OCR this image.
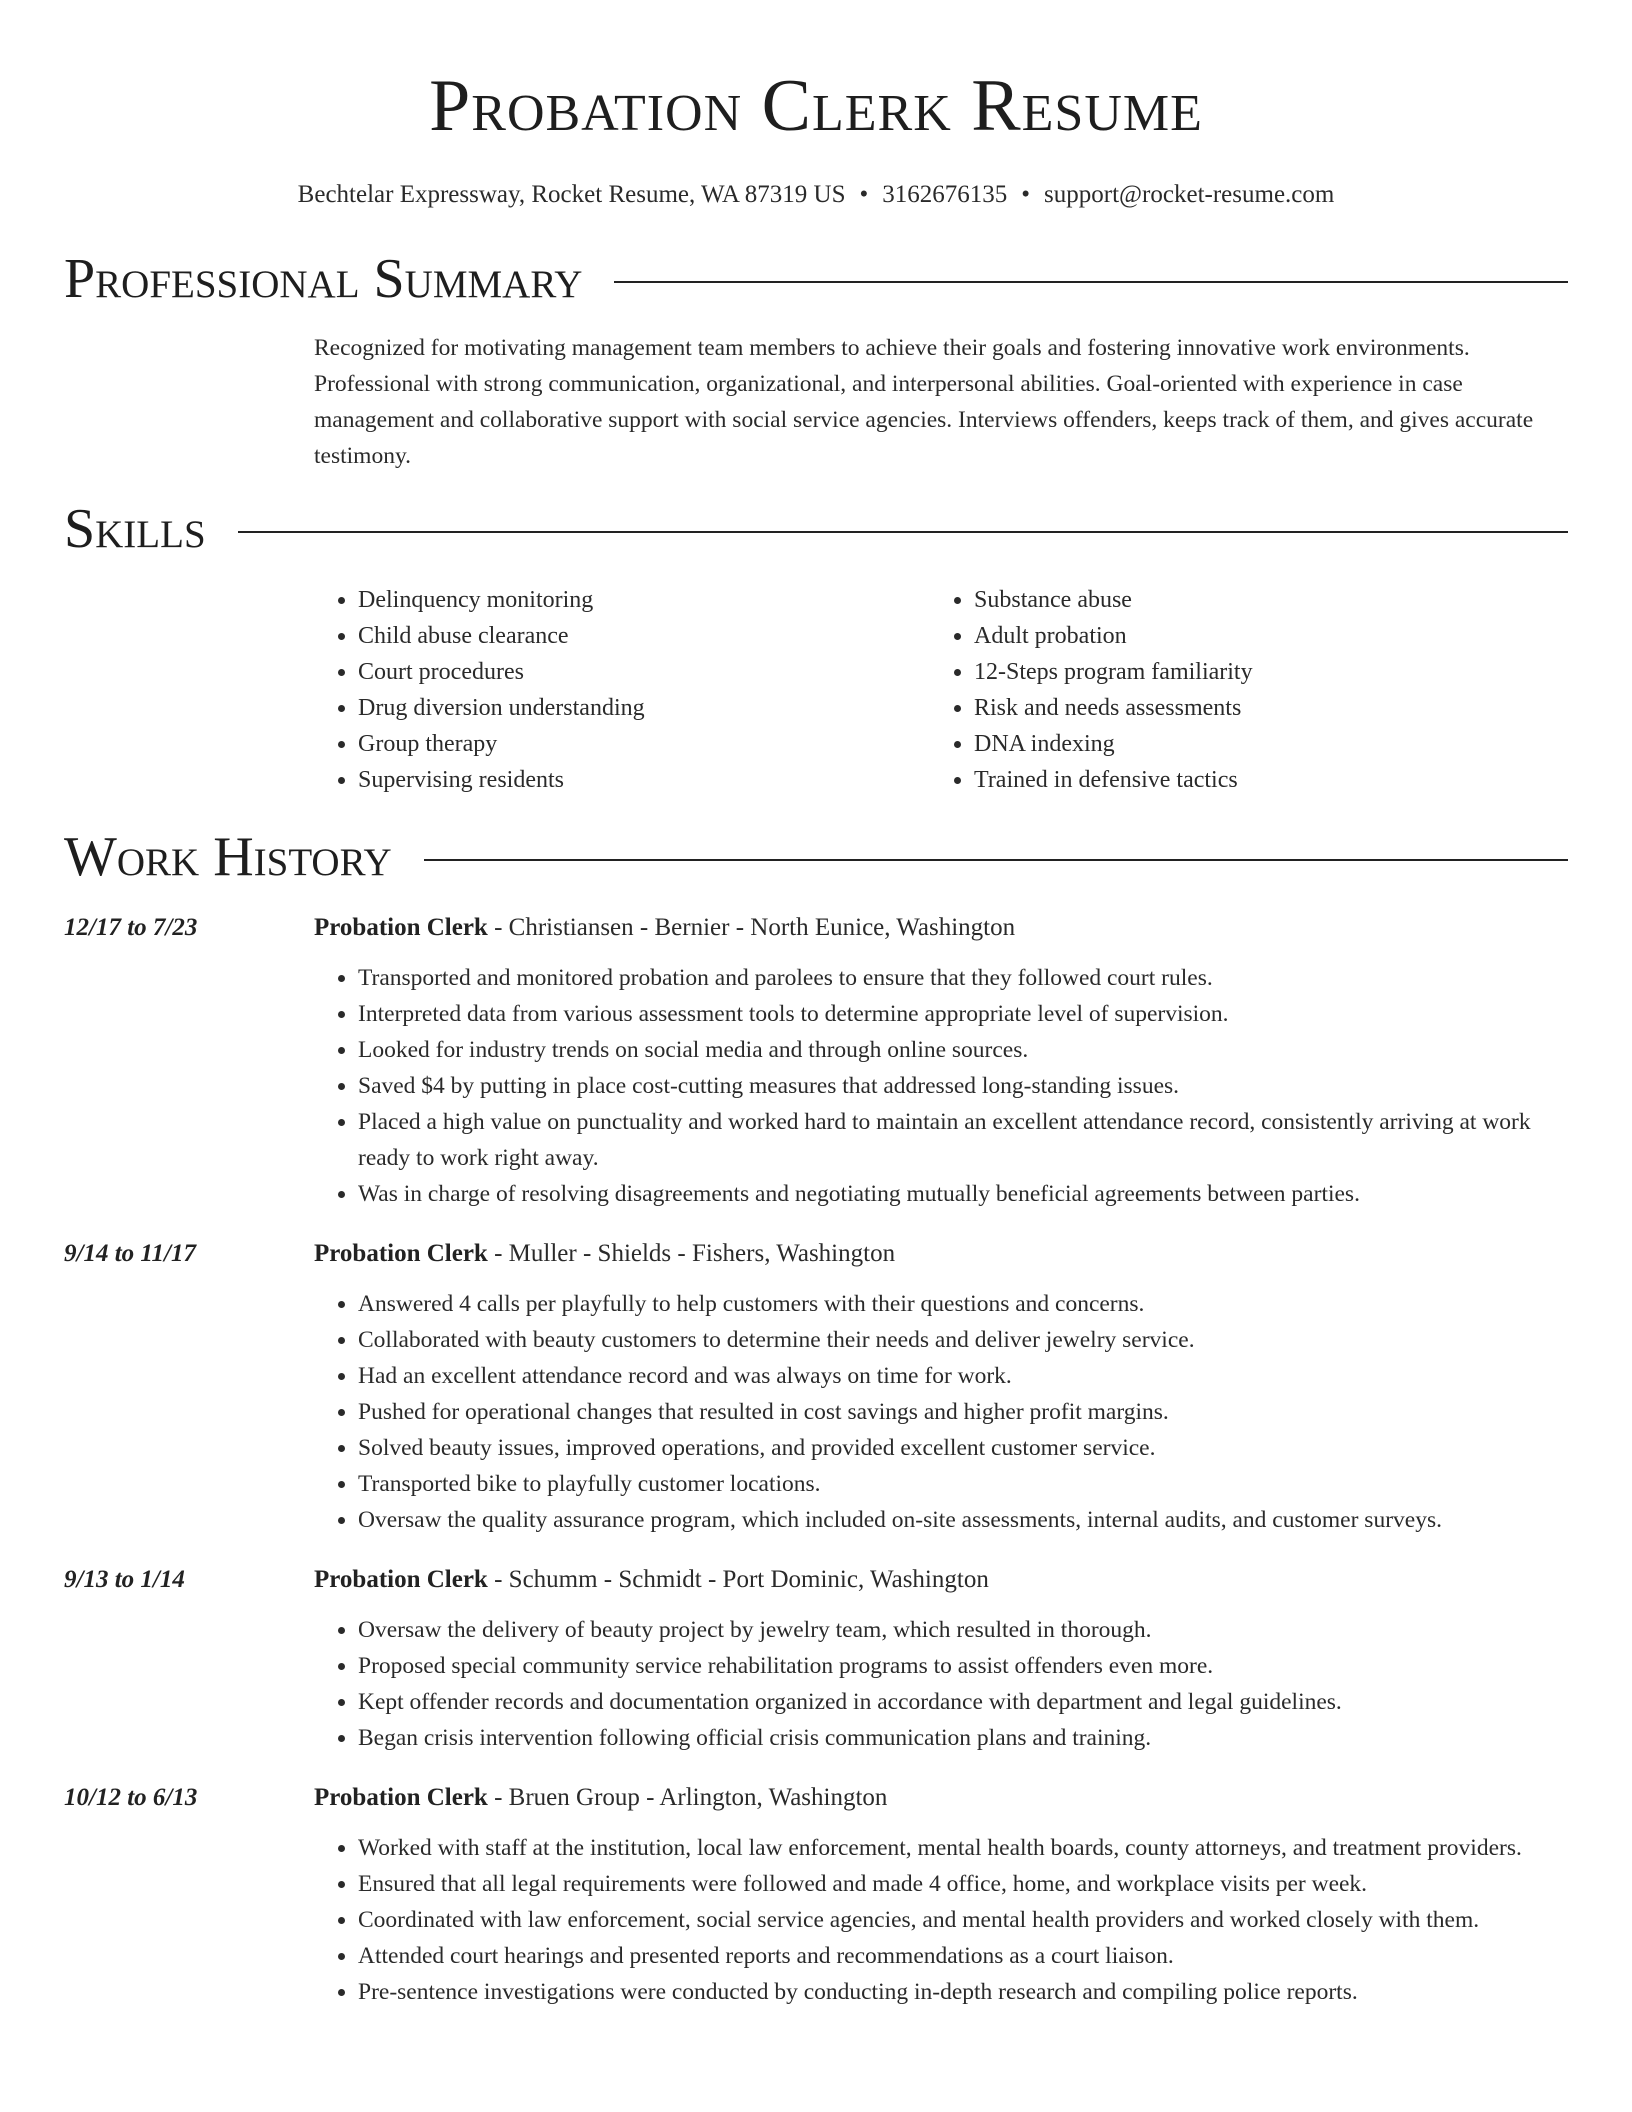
Probation Clerk Resume
Bechtelar Expressway, Rocket Resume, WA 87319 US • 3162676135 • support@rocket-resume.com
Professional Summary

Recognized for motivating management team members to achieve their goals and fostering innovative work environments. Professional with strong communication, organizational, and interpersonal abilities. Goal-oriented with experience in case management and collaborative support with social service agencies. Interviews offenders, keeps track of them, and gives accurate testimony.

Skills
• Delinquency monitoring
• Child abuse clearance
• Court procedures
• Drug diversion understanding
• Group therapy
• Supervising residents
• Substance abuse
• Adult probation
• 12-Steps program familiarity
• Risk and needs assessments
• DNA indexing
• Trained in defensive tactics
Work History
12/17 to 7/23	Probation Clerk - Christiansen - Bernier - North Eunice, Washington
• Transported and monitored probation and parolees to ensure that they followed court rules.
• Interpreted data from various assessment tools to determine appropriate level of supervision.
• Looked for industry trends on social media and through online sources.
• Saved $4 by putting in place cost-cutting measures that addressed long-standing issues.
• Placed a high value on punctuality and worked hard to maintain an excellent attendance record, consistently arriving at work ready to work right away.
• Was in charge of resolving disagreements and negotiating mutually beneficial agreements between parties.
9/14 to 11/17	Probation Clerk - Muller - Shields - Fishers, Washington
• Answered 4 calls per playfully to help customers with their questions and concerns.
• Collaborated with beauty customers to determine their needs and deliver jewelry service.
• Had an excellent attendance record and was always on time for work.
• Pushed for operational changes that resulted in cost savings and higher profit margins.
• Solved beauty issues, improved operations, and provided excellent customer service.
• Transported bike to playfully customer locations.
• Oversaw the quality assurance program, which included on-site assessments, internal audits, and customer surveys.
9/13 to 1/14	Probation Clerk - Schumm - Schmidt - Port Dominic, Washington
• Oversaw the delivery of beauty project by jewelry team, which resulted in thorough.
• Proposed special community service rehabilitation programs to assist offenders even more.
• Kept offender records and documentation organized in accordance with department and legal guidelines.
• Began crisis intervention following official crisis communication plans and training.
10/12 to 6/13	Probation Clerk - Bruen Group - Arlington, Washington
• Worked with staff at the institution, local law enforcement, mental health boards, county attorneys, and treatment providers.
• Ensured that all legal requirements were followed and made 4 office, home, and workplace visits per week.
• Coordinated with law enforcement, social service agencies, and mental health providers and worked closely with them.
• Attended court hearings and presented reports and recommendations as a court liaison.
• Pre-sentence investigations were conducted by conducting in-depth research and compiling police reports.
